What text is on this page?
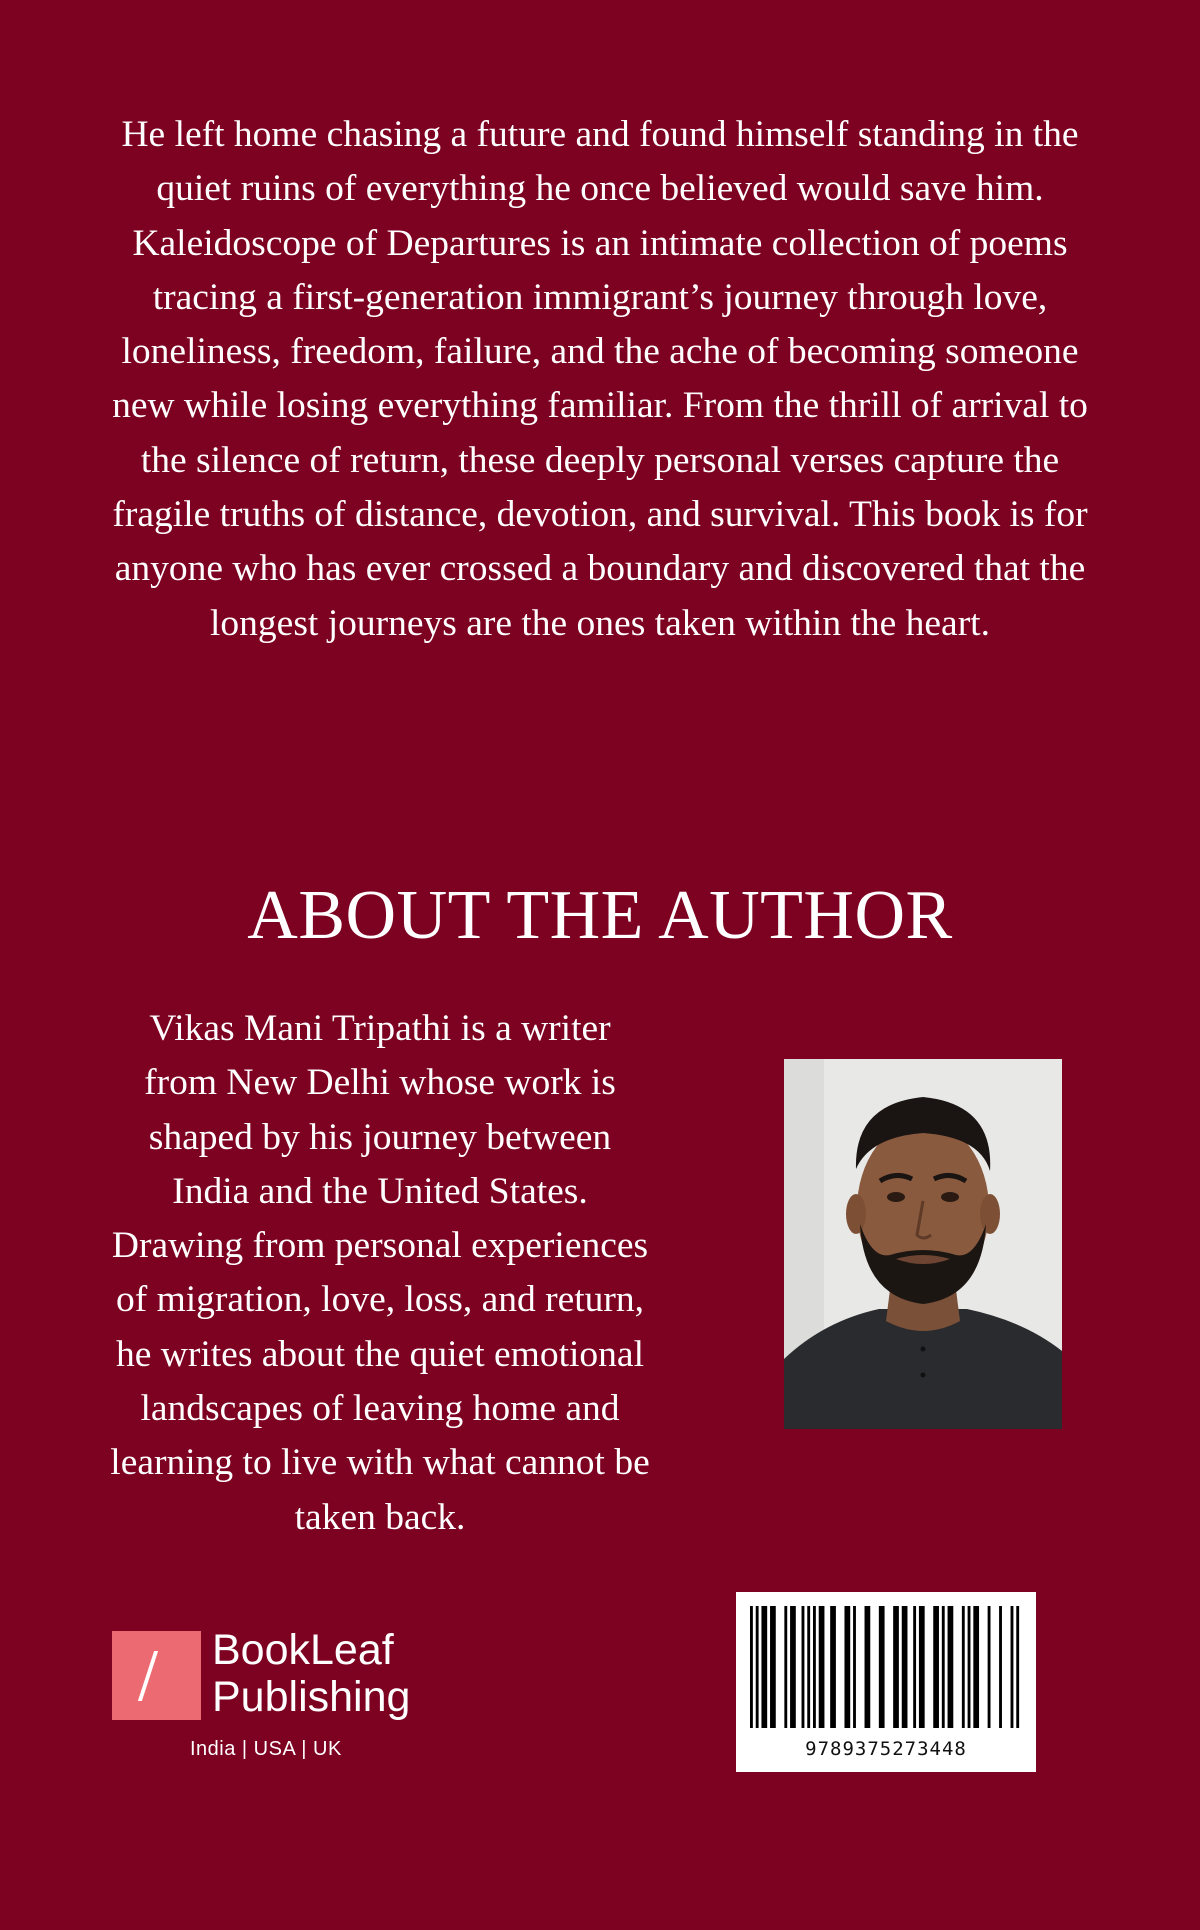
He left home chasing a future and found himself standing in the quiet ruins of everything he once believed would save him. Kaleidoscope of Departures is an intimate collection of poems tracing a first-generation immigrant’s journey through love, loneliness, freedom, failure, and the ache of becoming someone new while losing everything familiar. From the thrill of arrival to the silence of return, these deeply personal verses capture the fragile truths of distance, devotion, and survival. This book is for anyone who has ever crossed a boundary and discovered that the longest journeys are the ones taken within the heart.

ABOUT THE AUTHOR

Vikas Mani Tripathi is a writer from New Delhi whose work is shaped by his journey between India and the United States. Drawing from personal experiences of migration, love, loss, and return, he writes about the quiet emotional landscapes of leaving home and learning to live with what cannot be taken back.

BookLeaf
Publishing
India | USA | UK	9789375273448
